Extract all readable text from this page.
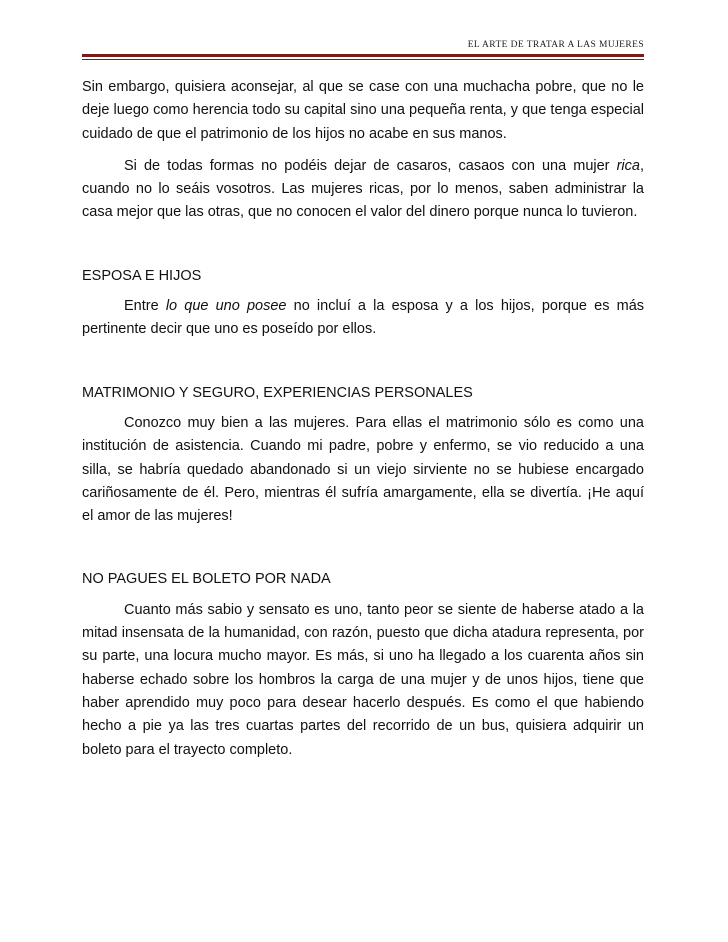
EL ARTE DE TRATAR A LAS MUJERES

Sin embargo, quisiera aconsejar, al que se case con una muchacha pobre, que no le deje luego como herencia todo su capital sino una pequeña renta, y que tenga especial cuidado de que el patrimonio de los hijos no acabe en sus manos.

Si de todas formas no podéis dejar de casaros, casaos con una mujer rica, cuando no lo seáis vosotros. Las mujeres ricas, por lo menos, saben administrar la casa mejor que las otras, que no conocen el valor del dinero porque nunca lo tuvieron.

ESPOSA E HIJOS

Entre lo que uno posee no incluí a la esposa y a los hijos, porque es más pertinente decir que uno es poseído por ellos.

MATRIMONIO Y SEGURO, EXPERIENCIAS PERSONALES

Conozco muy bien a las mujeres. Para ellas el matrimonio sólo es como una institución de asistencia. Cuando mi padre, pobre y enfermo, se vio reducido a una silla, se habría quedado abandonado si un viejo sirviente no se hubiese encargado cariñosamente de él. Pero, mientras él sufría amargamente, ella se divertía. ¡He aquí el amor de las mujeres!

NO PAGUES EL BOLETO POR NADA

Cuanto más sabio y sensato es uno, tanto peor se siente de haberse atado a la mitad insensata de la humanidad, con razón, puesto que dicha atadura representa, por su parte, una locura mucho mayor. Es más, si uno ha llegado a los cuarenta años sin haberse echado sobre los hombros la carga de una mujer y de unos hijos, tiene que haber aprendido muy poco para desear hacerlo después. Es como el que habiendo hecho a pie ya las tres cuartas partes del recorrido de un bus, quisiera adquirir un boleto para el trayecto completo.
